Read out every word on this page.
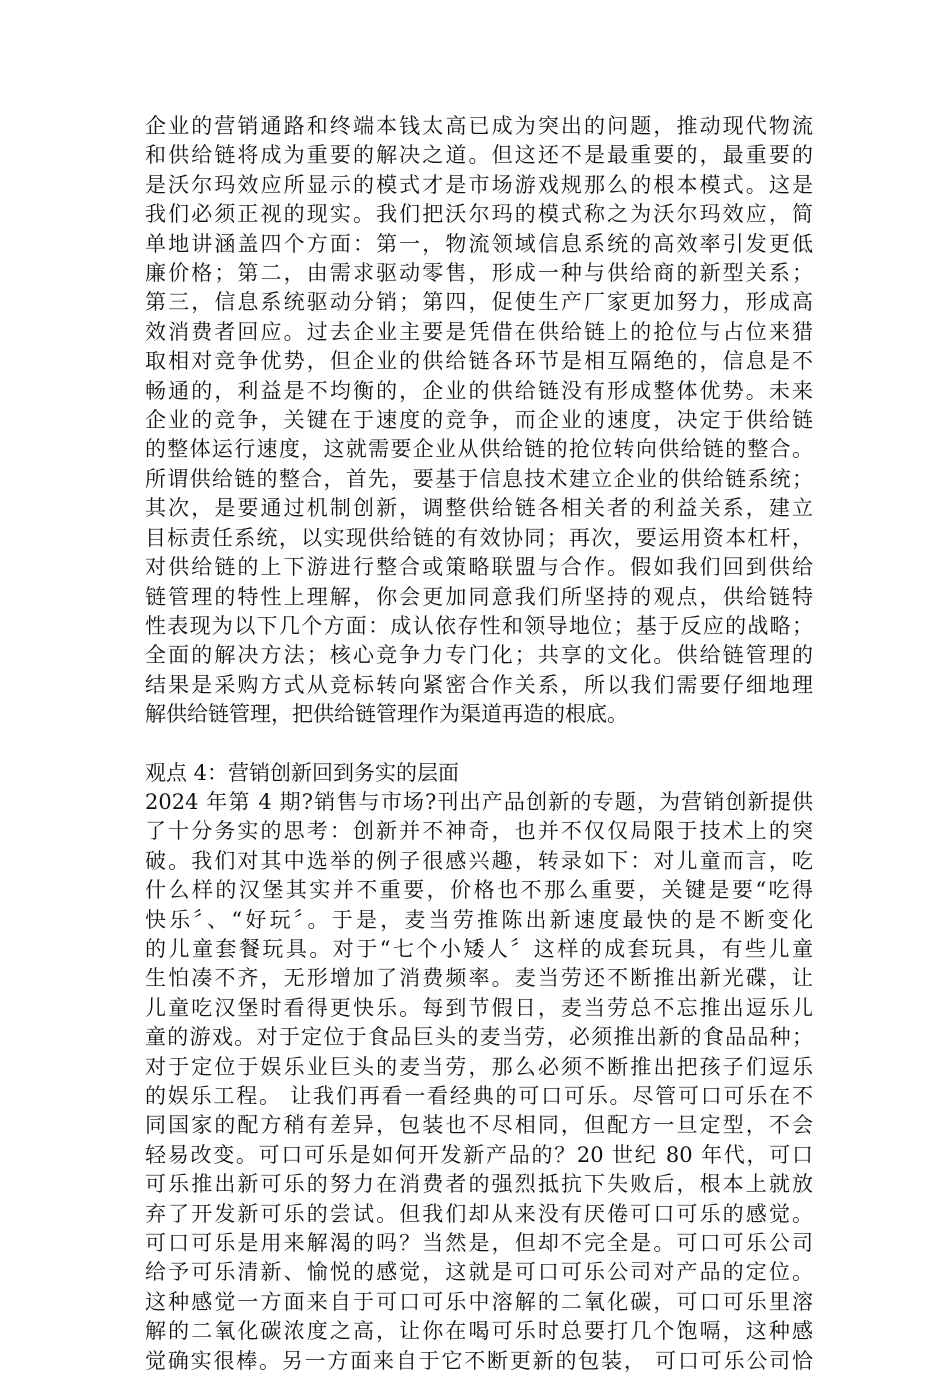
企业的营销通路和终端本钱太高已成为突出的问题，推动现代物流
和供给链将成为重要的解决之道。但这还不是最重要的，最重要的
是沃尔玛效应所显示的模式才是市场游戏规那么的根本模式。这是
我们必须正视的现实。我们把沃尔玛的模式称之为沃尔玛效应，简
单地讲涵盖四个方面：第一，物流领域信息系统的高效率引发更低
廉价格；第二，由需求驱动零售，形成一种与供给商的新型关系；
第三，信息系统驱动分销；第四，促使生产厂家更加努力，形成高
效消费者回应。过去企业主要是凭借在供给链上的抢位与占位来猎
取相对竞争优势，但企业的供给链各环节是相互隔绝的，信息是不
畅通的，利益是不均衡的，企业的供给链没有形成整体优势。未来
企业的竞争，关键在于速度的竞争，而企业的速度，决定于供给链
的整体运行速度，这就需要企业从供给链的抢位转向供给链的整合。
所谓供给链的整合，首先，要基于信息技术建立企业的供给链系统；
其次，是要通过机制创新，调整供给链各相关者的利益关系，建立
目标责任系统，以实现供给链的有效协同；再次，要运用资本杠杆，
对供给链的上下游进行整合或策略联盟与合作。假如我们回到供给
链管理的特性上理解，你会更加同意我们所坚持的观点，供给链特
性表现为以下几个方面：成认依存性和领导地位；基于反应的战略；
全面的解决方法；核心竞争力专门化；共享的文化。供给链管理的
结果是采购方式从竞标转向紧密合作关系，所以我们需要仔细地理
解供给链管理，把供给链管理作为渠道再造的根底。
观点 4：营销创新回到务实的层面
2024 年第 4 期?销售与市场?刊出产品创新的专题，为营销创新提供
了十分务实的思考：创新并不神奇，也并不仅仅局限于技术上的突
破。我们对其中选举的例子很感兴趣，转录如下：对儿童而言，吃
什么样的汉堡其实并不重要，价格也不那么重要，关键是要“吃得
快乐〞、“好玩〞。于是，麦当劳推陈出新速度最快的是不断变化
的儿童套餐玩具。对于“七个小矮人〞这样的成套玩具，有些儿童
生怕凑不齐，无形增加了消费频率。麦当劳还不断推出新光碟，让
儿童吃汉堡时看得更快乐。每到节假日，麦当劳总不忘推出逗乐儿
童的游戏。对于定位于食品巨头的麦当劳，必须推出新的食品品种；
对于定位于娱乐业巨头的麦当劳，那么必须不断推出把孩子们逗乐
的娱乐工程。 让我们再看一看经典的可口可乐。尽管可口可乐在不
同国家的配方稍有差异，包装也不尽相同，但配方一旦定型，不会
轻易改变。可口可乐是如何开发新产品的？20 世纪 80 年代，可口
可乐推出新可乐的努力在消费者的强烈抵抗下失败后，根本上就放
弃了开发新可乐的尝试。但我们却从来没有厌倦可口可乐的感觉。
可口可乐是用来解渴的吗？当然是，但却不完全是。可口可乐公司
给予可乐清新、愉悦的感觉，这就是可口可乐公司对产品的定位。
这种感觉一方面来自于可口可乐中溶解的二氧化碳，可口可乐里溶
解的二氧化碳浓度之高，让你在喝可乐时总要打几个饱嗝，这种感
觉确实很棒。另一方面来自于它不断更新的包装， 可口可乐公司恰
